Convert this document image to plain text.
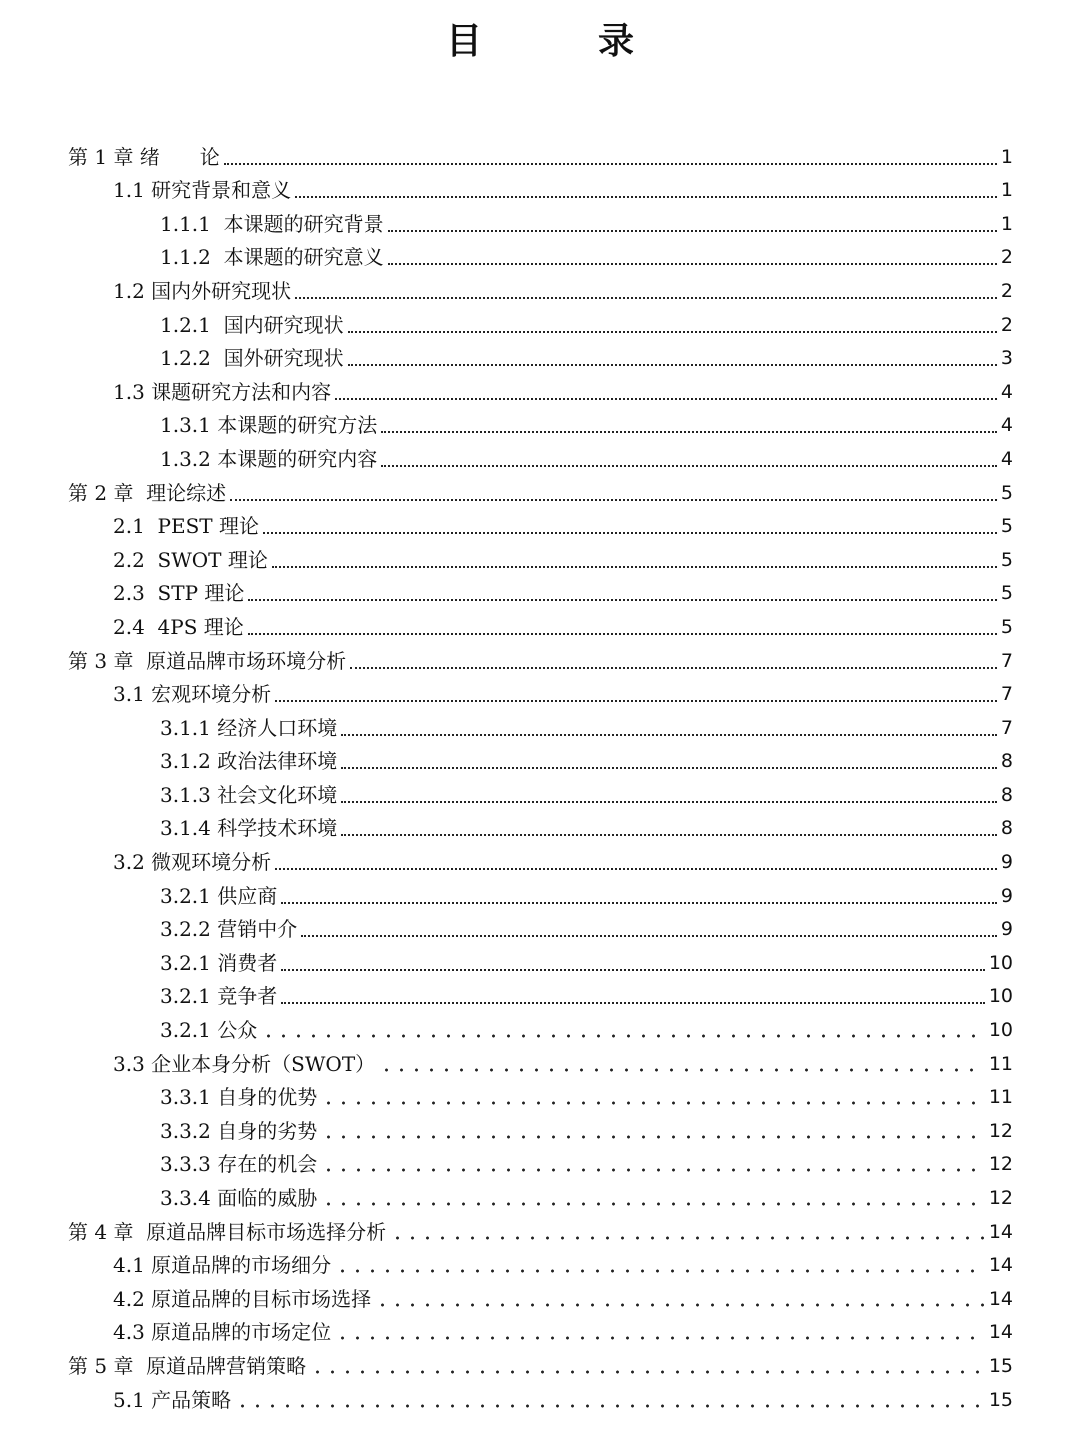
目　录
第 1 章 绪　　论	1
1.1 研究背景和意义	1
1.1.1  本课题的研究背景	1
1.1.2  本课题的研究意义	2
1.2 国内外研究现状	2
1.2.1  国内研究现状	2
1.2.2  国外研究现状	3
1.3 课题研究方法和内容	4
1.3.1 本课题的研究方法	4
1.3.2 本课题的研究内容	4
第 2 章  理论综述	5
2.1  PEST 理论	5
2.2  SWOT 理论	5
2.3  STP 理论	5
2.4  4PS 理论	5
第 3 章  原道品牌市场环境分析	7
3.1 宏观环境分析	7
3.1.1 经济人口环境	7
3.1.2 政治法律环境	8
3.1.3 社会文化环境	8
3.1.4 科学技术环境	8
3.2 微观环境分析	9
3.2.1 供应商	9
3.2.2 营销中介	9
3.2.1 消费者	10
3.2.1 竞争者	10
3.2.1 公众	10
3.3 企业本身分析（SWOT）	11
3.3.1 自身的优势	11
3.3.2 自身的劣势	12
3.3.3 存在的机会	12
3.3.4 面临的威胁	12
第 4 章  原道品牌目标市场选择分析	14
4.1 原道品牌的市场细分	14
4.2 原道品牌的目标市场选择	14
4.3 原道品牌的市场定位	14
第 5 章  原道品牌营销策略	15
5.1 产品策略	15
